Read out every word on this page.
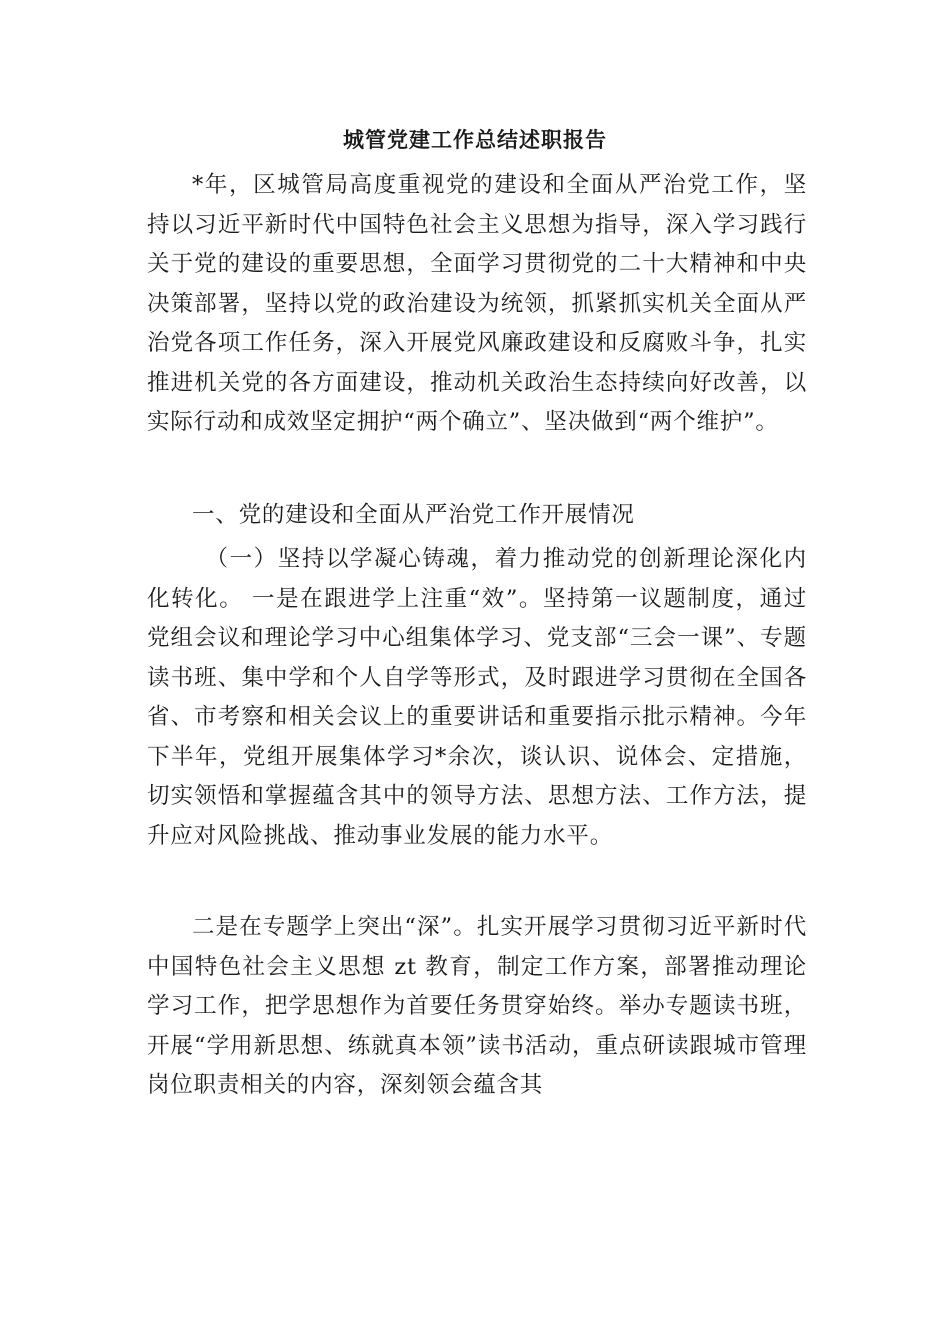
城管党建工作总结述职报告

*年，区城管局高度重视党的建设和全面从严治党工作，坚持以习近平新时代中国特色社会主义思想为指导，深入学习践行关于党的建设的重要思想，全面学习贯彻党的二十大精神和中央决策部署，坚持以党的政治建设为统领，抓紧抓实机关全面从严治党各项工作任务，深入开展党风廉政建设和反腐败斗争，扎实推进机关党的各方面建设，推动机关政治生态持续向好改善，以实际行动和成效坚定拥护“两个确立”、坚决做到“两个维护”。

一、党的建设和全面从严治党工作开展情况

（一）坚持以学凝心铸魂，着力推动党的创新理论深化内化转化。 一是在跟进学上注重“效”。坚持第一议题制度，通过党组会议和理论学习中心组集体学习、党支部“三会一课”、专题读书班、集中学和个人自学等形式，及时跟进学习贯彻在全国各省、市考察和相关会议上的重要讲话和重要指示批示精神。今年下半年，党组开展集体学习*余次，谈认识、说体会、定措施，切实领悟和掌握蕴含其中的领导方法、思想方法、工作方法，提升应对风险挑战、推动事业发展的能力水平。

二是在专题学上突出“深”。扎实开展学习贯彻习近平新时代中国特色社会主义思想 zt 教育，制定工作方案，部署推动理论学习工作，把学思想作为首要任务贯穿始终。举办专题读书班，开展“学用新思想、练就真本领”读书活动，重点研读跟城市管理岗位职责相关的内容，深刻领会蕴含其
